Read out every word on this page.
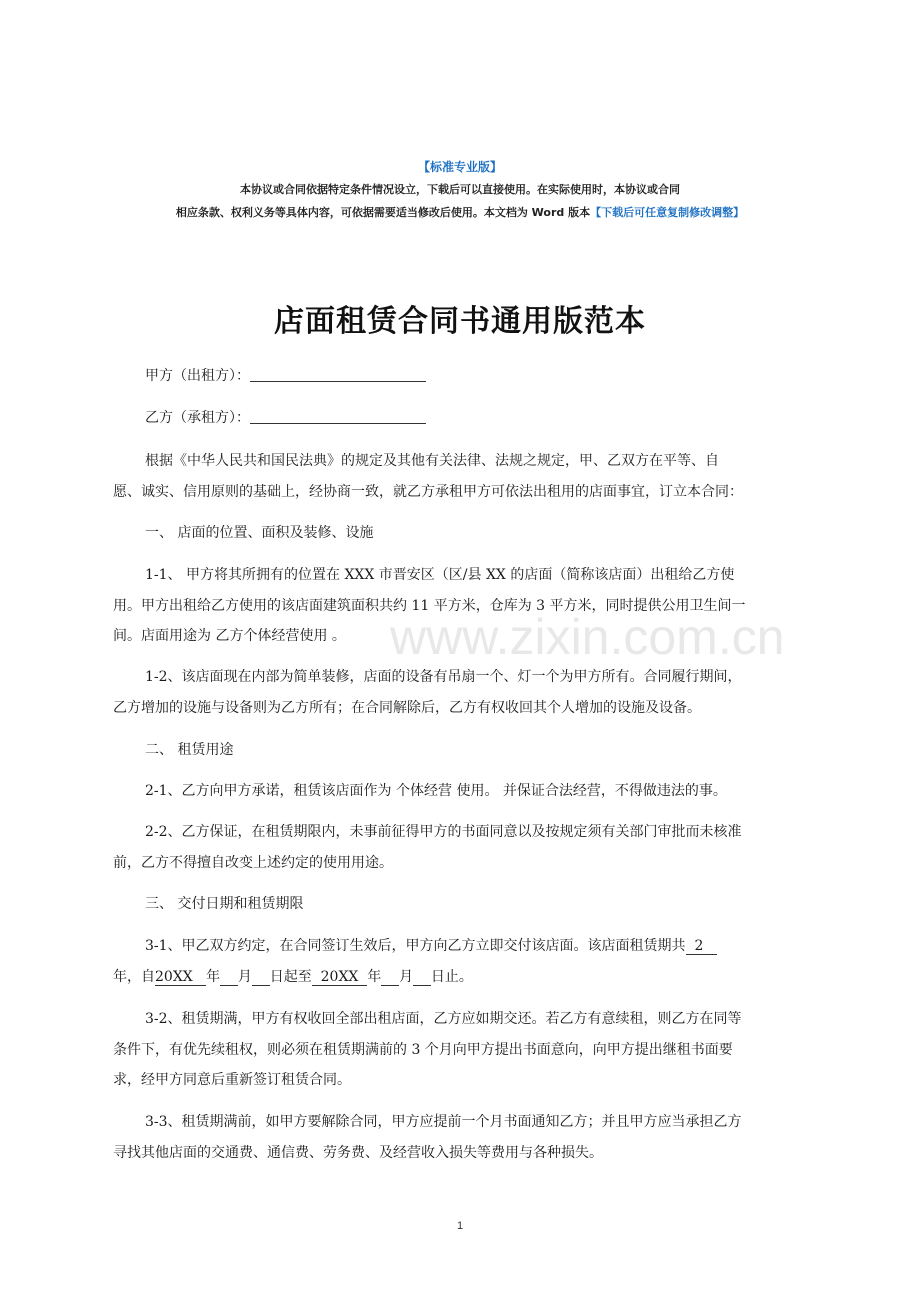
【标准专业版】
本协议或合同依据特定条件情况设立，下载后可以直接使用。在实际使用时，本协议或合同
相应条款、权利义务等具体内容，可依据需要适当修改后使用。本文档为 Word 版本【下载后可任意复制修改调整】
店面租赁合同书通用版范本
甲方（出租方）：
乙方（承租方）：
根据《中华人民共和国民法典》的规定及其他有关法律、法规之规定，甲、乙双方在平等、自
愿、诚实、信用原则的基础上，经协商一致，就乙方承租甲方可依法出租用的店面事宜，订立本合同：
一、 店面的位置、面积及装修、设施
1-1、 甲方将其所拥有的位置在 XXX 市晋安区（区/县 XX 的店面（简称该店面）出租给乙方使
用。甲方出租给乙方使用的该店面建筑面积共约 11 平方米，仓库为 3 平方米，同时提供公用卫生间一
间。店面用途为 乙方个体经营使用 。
1-2、该店面现在内部为简单装修，店面的设备有吊扇一个、灯一个为甲方所有。合同履行期间，
乙方增加的设施与设备则为乙方所有；在合同解除后，乙方有权收回其个人增加的设施及设备。
二、 租赁用途
2-1、乙方向甲方承诺，租赁该店面作为 个体经营 使用。 并保证合法经营，不得做违法的事。
2-2、乙方保证，在租赁期限内，未事前征得甲方的书面同意以及按规定须有关部门审批而未核准
前，乙方不得擅自改变上述约定的使用用途。
三、 交付日期和租赁期限
3-1、甲乙双方约定，在合同签订生效后，甲方向乙方立即交付该店面。该店面租赁期共  2
年，自20XX   年 月 日起至  20XX  年 月 日止。
3-2、租赁期满，甲方有权收回全部出租店面，乙方应如期交还。若乙方有意续租，则乙方在同等
条件下，有优先续租权，则必须在租赁期满前的 3 个月向甲方提出书面意向，向甲方提出继租书面要
求，经甲方同意后重新签订租赁合同。
3-3、租赁期满前，如甲方要解除合同，甲方应提前一个月书面通知乙方；并且甲方应当承担乙方
寻找其他店面的交通费、通信费、劳务费、及经营收入损失等费用与各种损失。
www.zixin.com.cn
1
